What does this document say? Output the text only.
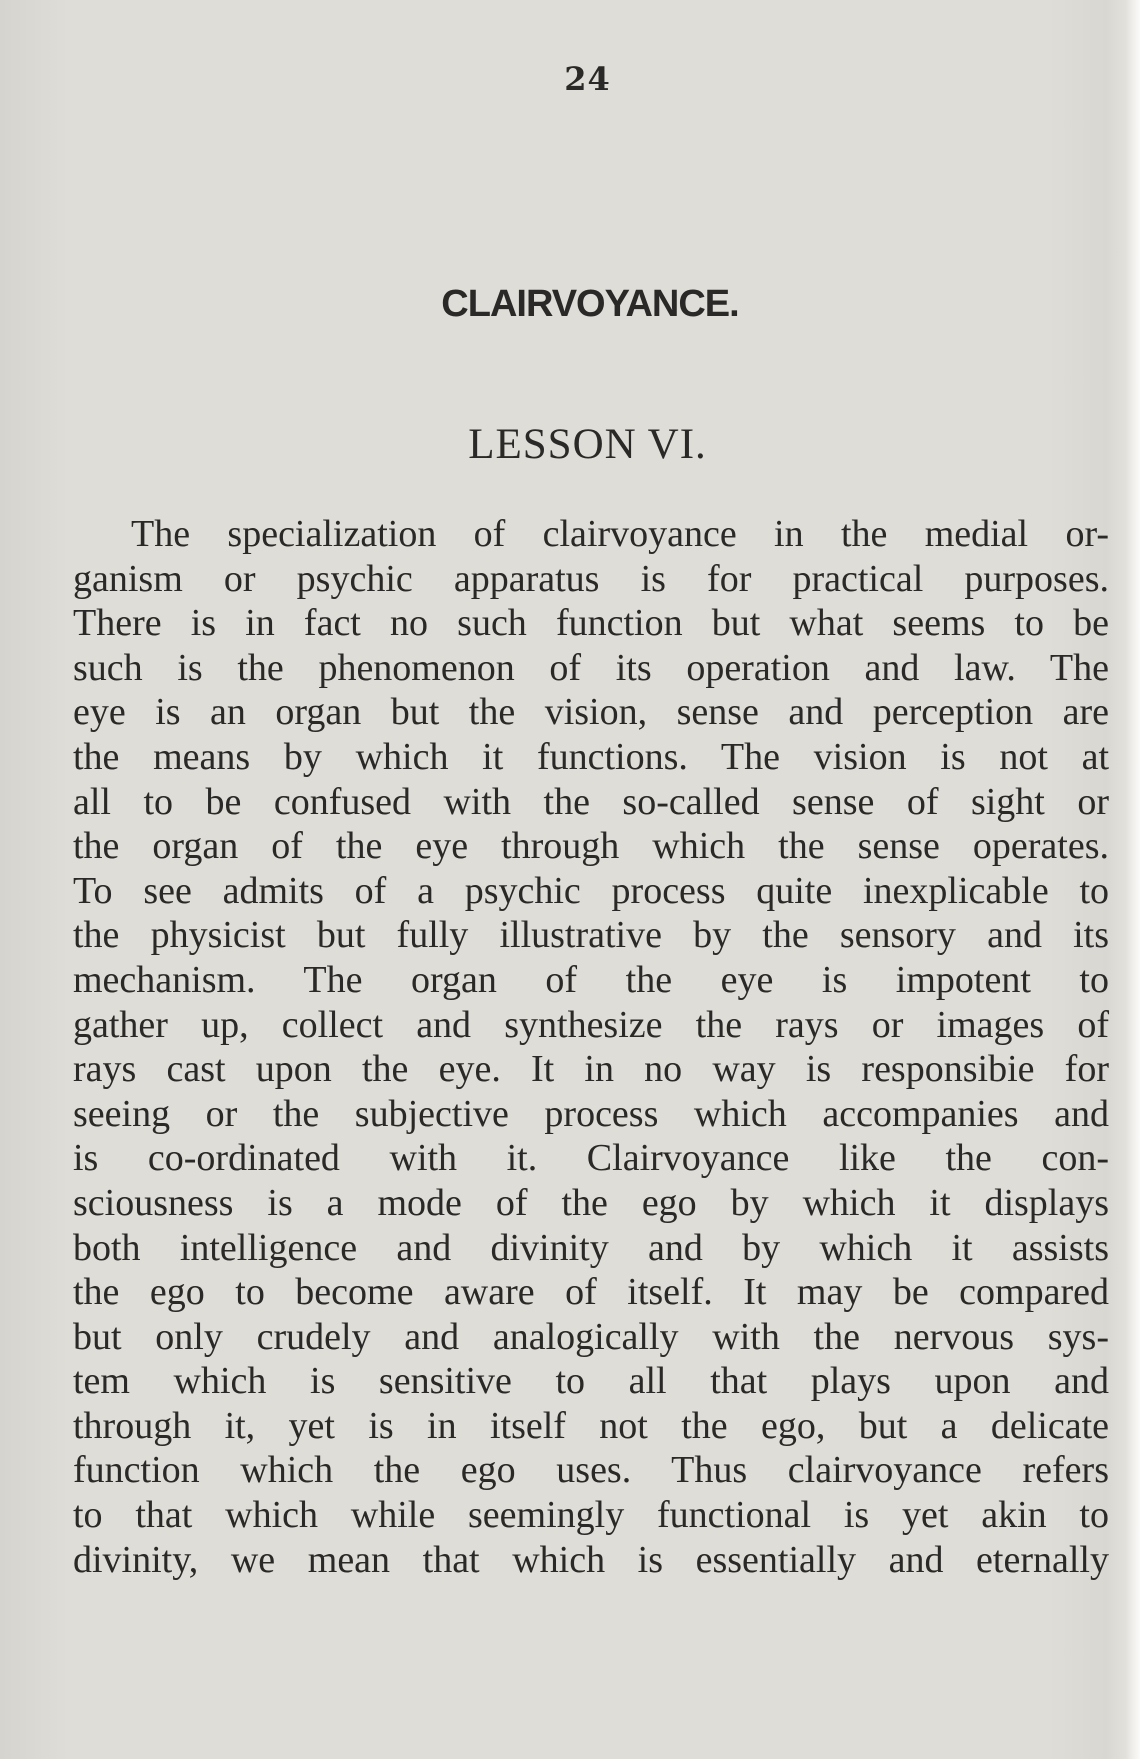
24
CLAIRVOYANCE.
LESSON VI.
The specialization of clairvoyance in the medial or-
ganism or psychic apparatus is for practical purposes.
There is in fact no such function but what seems to be
such is the phenomenon of its operation and law. The
eye is an organ but the vision, sense and perception are
the means by which it functions. The vision is not at
all to be confused with the so-called sense of sight or
the organ of the eye through which the sense operates.
To see admits of a psychic process quite inexplicable to
the physicist but fully illustrative by the sensory and its
mechanism. The organ of the eye is impotent to
gather up, collect and synthesize the rays or images of
rays cast upon the eye. It in no way is responsibie for
seeing or the subjective process which accompanies and
is co-ordinated with it. Clairvoyance like the con-
sciousness is a mode of the ego by which it displays
both intelligence and divinity and by which it assists
the ego to become aware of itself. It may be compared
but only crudely and analogically with the nervous sys-
tem which is sensitive to all that plays upon and
through it, yet is in itself not the ego, but a delicate
function which the ego uses. Thus clairvoyance refers
to that which while seemingly functional is yet akin to
divinity, we mean that which is essentially and eternally
